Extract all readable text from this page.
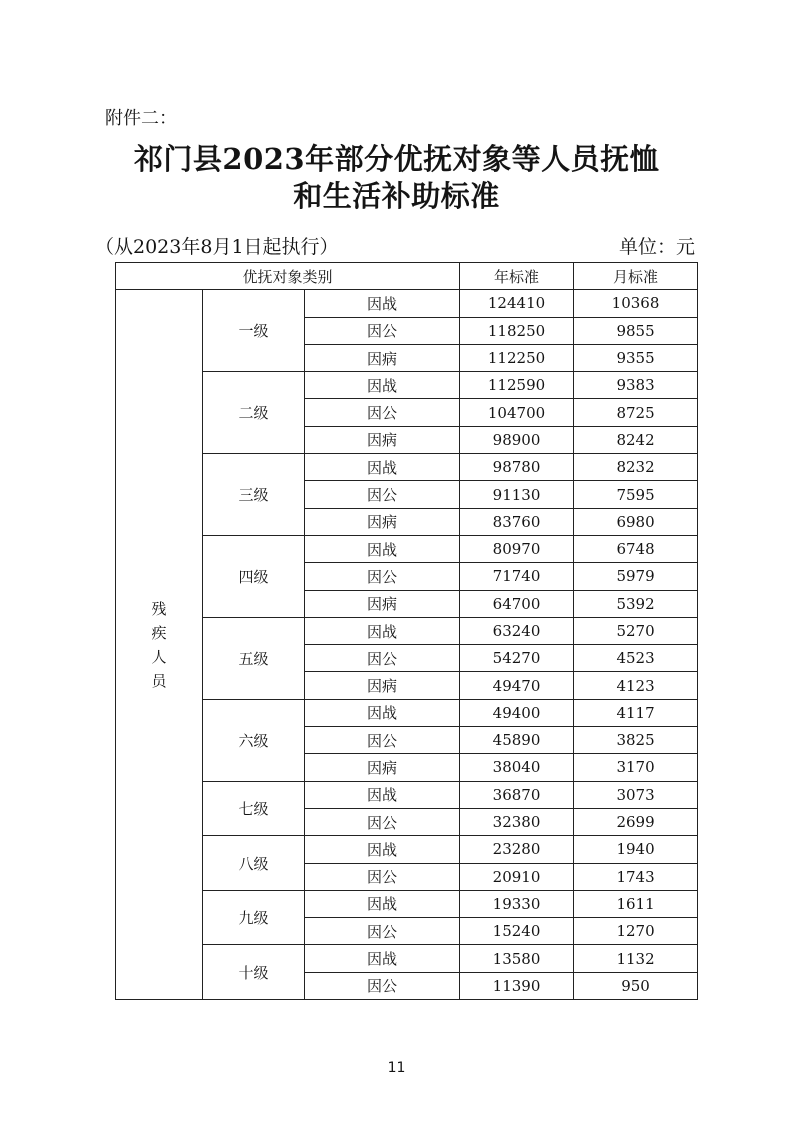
附件二：
祁门县2023年部分优抚对象等人员抚恤
和生活补助标准
（从2023年8月1日起执行）	单位：元
优抚对象类别			年标准	月标准
残疾人员	一级	因战	124410	10368
		因公	118250	9855
		因病	112250	9355
	二级	因战	112590	9383
		因公	104700	8725
		因病	98900	8242
	三级	因战	98780	8232
		因公	91130	7595
		因病	83760	6980
	四级	因战	80970	6748
		因公	71740	5979
		因病	64700	5392
	五级	因战	63240	5270
		因公	54270	4523
		因病	49470	4123
	六级	因战	49400	4117
		因公	45890	3825
		因病	38040	3170
	七级	因战	36870	3073
		因公	32380	2699
	八级	因战	23280	1940
		因公	20910	1743
	九级	因战	19330	1611
		因公	15240	1270
	十级	因战	13580	1132
		因公	11390	950
11
